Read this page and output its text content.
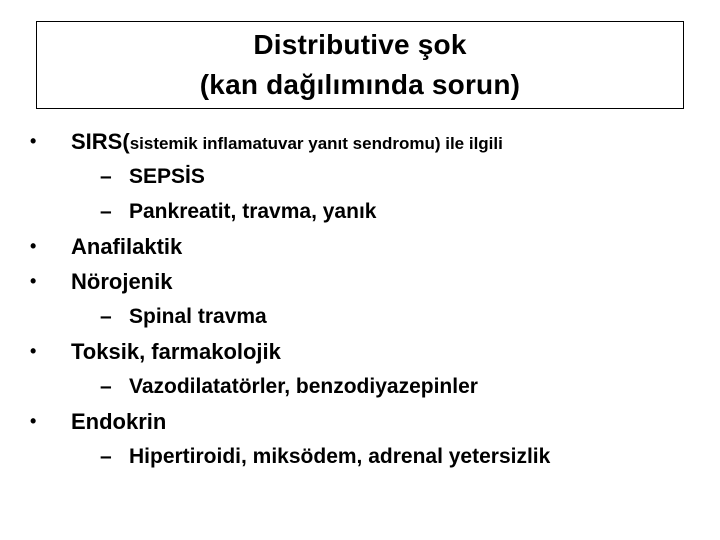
Distributive şok
(kan dağılımında sorun)
• SIRS(sistemik inflamatuvar yanıt sendromu) ile ilgili
– SEPSİS
– Pankreatit, travma, yanık
• Anafilaktik
• Nörojenik
– Spinal travma
• Toksik, farmakolojik
– Vazodilatatörler, benzodiyazepinler
• Endokrin
– Hipertiroidi, miksödem, adrenal yetersizlik
